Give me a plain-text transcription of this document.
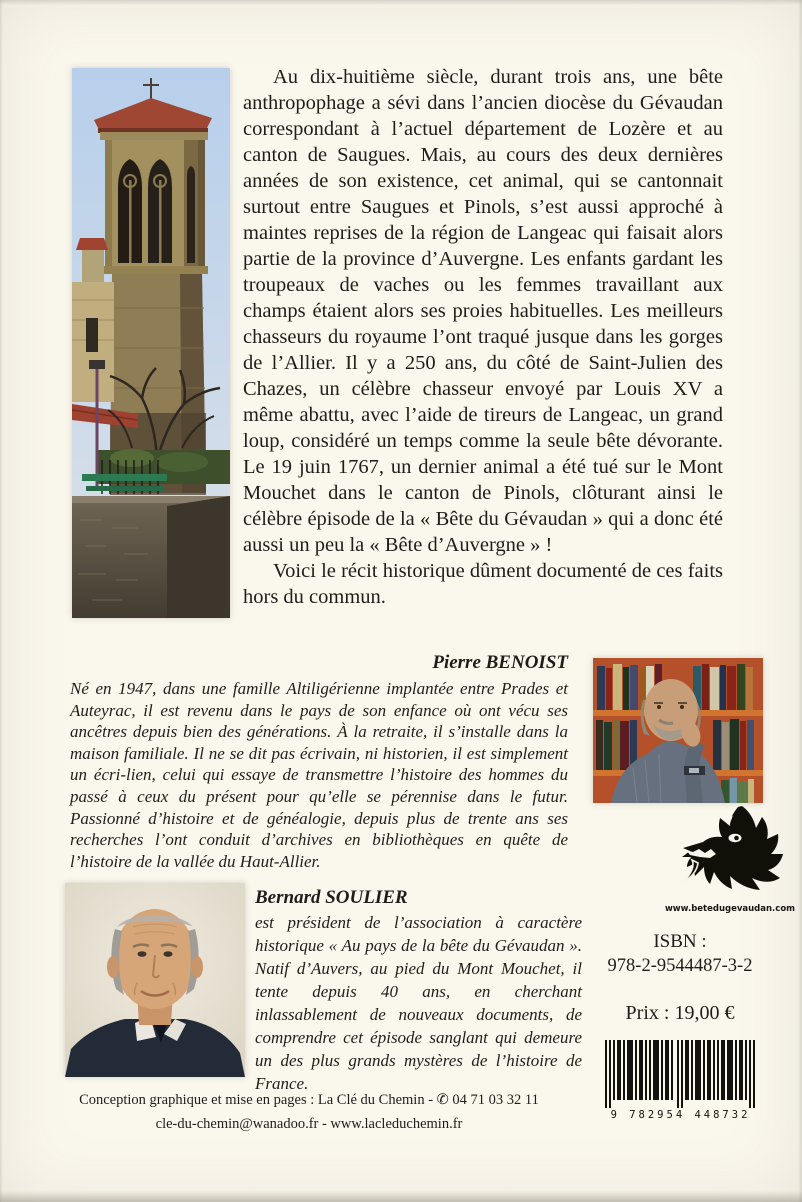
Au dix-huitième siècle, durant trois ans, une bête anthropophage a sévi dans l’ancien diocèse du Gévaudan correspondant à l’actuel département de Lozère et au canton de Saugues. Mais, au cours des deux dernières années de son existence, cet animal, qui se cantonnait surtout entre Saugues et Pinols, s’est aussi approché à maintes reprises de la région de Langeac qui faisait alors partie de la province d’Auvergne. Les enfants gardant les troupeaux de vaches ou les femmes travaillant aux champs étaient alors ses proies habituelles. Les meilleurs chasseurs du royaume l’ont traqué jusque dans les gorges de l’Allier. Il y a 250 ans, du côté de Saint-Julien des Chazes, un célèbre chasseur envoyé par Louis XV a même abattu, avec l’aide de tireurs de Langeac, un grand loup, considéré un temps comme la seule bête dévorante. Le 19 juin 1767, un dernier animal a été tué sur le Mont Mouchet dans le canton de Pinols, clôturant ainsi le célèbre épisode de la « Bête du Gévaudan » qui a donc été aussi un peu la « Bête d’Auvergne » !

Voici le récit historique dûment documenté de ces faits hors du commun.

Pierre BENOIST
Né en 1947, dans une famille Altiligérienne implantée entre Prades et Auteyrac, il est revenu dans le pays de son enfance où ont vécu ses ancêtres depuis bien des générations. À la retraite, il s’installe dans la maison familiale. Il ne se dit pas écrivain, ni historien, il est simplement un écri-lien, celui qui essaye de transmettre l’histoire des hommes du passé à ceux du présent pour qu’elle se pérennise dans le futur. Passionné d’histoire et de généalogie, depuis plus de trente ans ses recherches l’ont conduit d’archives en bibliothèques en quête de l’histoire de la vallée du Haut-Allier.
www.betedugevaudan.com
Bernard SOULIER
est président de l’association à caractère historique « Au pays de la bête du Gévaudan ». Natif d’Auvers, au pied du Mont Mouchet, il tente depuis 40 ans, en cherchant inlassablement de nouveaux documents, de comprendre cet épisode sanglant qui demeure un des plus grands mystères de l’histoire de France.
ISBN :
978-2-9544487-3-2
Prix : 19,00 €
9 782954 448732
Conception graphique et mise en pages : La Clé du Chemin - ✆ 04 71 03 32 11
cle-du-chemin@wanadoo.fr - www.lacleduchemin.fr
